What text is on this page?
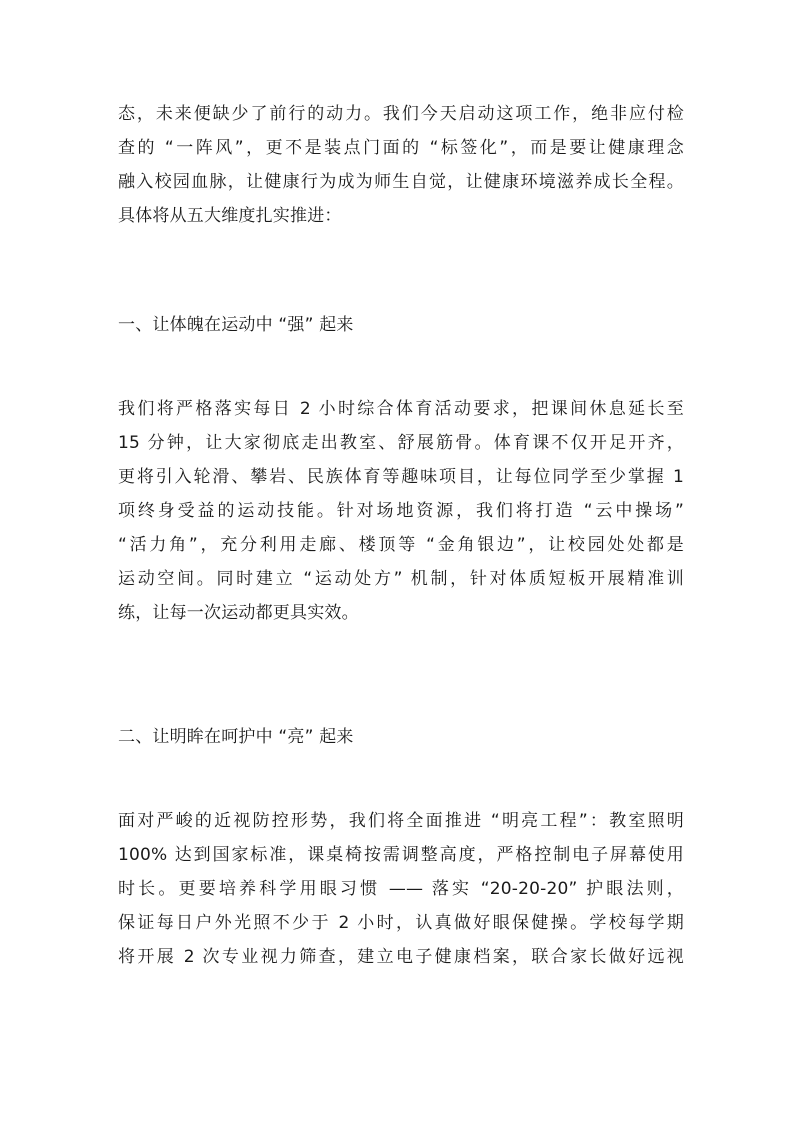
态，未来便缺少了前行的动力。我们今天启动这项工作，绝非应付检
查的 “一阵风”，更不是装点门面的 “标签化”，而是要让健康理念
融入校园血脉，让健康行为成为师生自觉，让健康环境滋养成长全程。
具体将从五大维度扎实推进：
一、让体魄在运动中 “强” 起来
我们将严格落实每日 2 小时综合体育活动要求，把课间休息延长至
15 分钟，让大家彻底走出教室、舒展筋骨。体育课不仅开足开齐，
更将引入轮滑、攀岩、民族体育等趣味项目，让每位同学至少掌握 1
项终身受益的运动技能。针对场地资源，我们将打造 “云中操场”
“活力角”，充分利用走廊、楼顶等 “金角银边”，让校园处处都是
运动空间。同时建立 “运动处方” 机制，针对体质短板开展精准训
练，让每一次运动都更具实效。
二、让明眸在呵护中 “亮” 起来
面对严峻的近视防控形势，我们将全面推进 “明亮工程”：教室照明
100% 达到国家标准，课桌椅按需调整高度，严格控制电子屏幕使用
时长。更要培养科学用眼习惯 —— 落实 “20-20-20” 护眼法则，
保证每日户外光照不少于 2 小时，认真做好眼保健操。学校每学期
将开展 2 次专业视力筛查，建立电子健康档案，联合家长做好远视
